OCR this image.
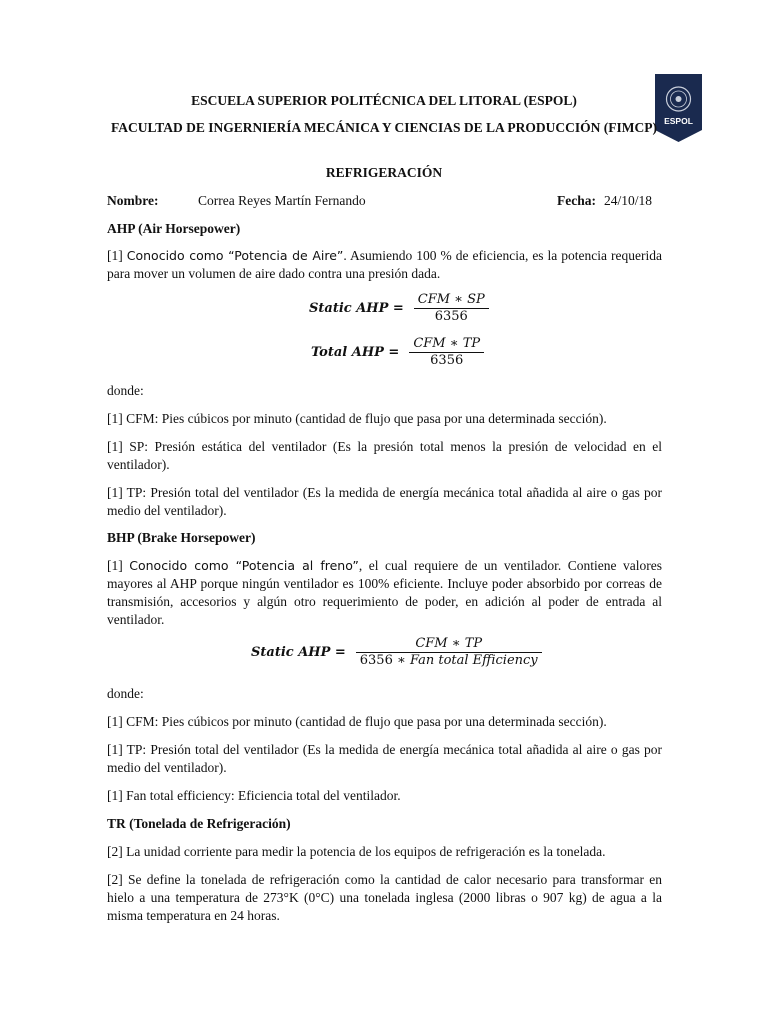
ESPOL
ESCUELA SUPERIOR POLITÉCNICA DEL LITORAL (ESPOL)
FACULTAD DE INGERNIERÍA MECÁNICA Y CIENCIAS DE LA PRODUCCIÓN (FIMCP)
REFRIGERACIÓN
Nombre:	Correa Reyes Martín Fernando	Fecha: 24/10/18
AHP (Air Horsepower)
[1] Conocido como “Potencia de Aire”. Asumiendo 100 % de eficiencia, es la potencia requerida para mover un volumen de aire dado contra una presión dada.
Static AHP = $\frac{\text{CFM ∗ SP}}{6356}$
Total AHP = $\frac{\text{CFM ∗ TP}}{6356}$
donde:
[1] CFM: Pies cúbicos por minuto (cantidad de flujo que pasa por una determinada sección).
[1] SP: Presión estática del ventilador (Es la presión total menos la presión de velocidad en el ventilador).
[1] TP: Presión total del ventilador (Es la medida de energía mecánica total añadida al aire o gas por medio del ventilador).
BHP (Brake Horsepower)
[1] Conocido como “Potencia al freno”, el cual requiere de un ventilador. Contiene valores mayores al AHP porque ningún ventilador es 100% eficiente. Incluye poder absorbido por correas de transmisión, accesorios y algún otro requerimiento de poder, en adición al poder de entrada al ventilador.
Static AHP = $\frac{\text{CFM ∗ TP}}{\text{6356 ∗ Fan total Efficiency}}$
donde:
[1] CFM: Pies cúbicos por minuto (cantidad de flujo que pasa por una determinada sección).
[1] TP: Presión total del ventilador (Es la medida de energía mecánica total añadida al aire o gas por medio del ventilador).
[1] Fan total efficiency: Eficiencia total del ventilador.
TR (Tonelada de Refrigeración)
[2] La unidad corriente para medir la potencia de los equipos de refrigeración es la tonelada.
[2] Se define la tonelada de refrigeración como la cantidad de calor necesario para transformar en hielo a una temperatura de 273°K (0°C) una tonelada inglesa (2000 libras o 907 kg) de agua a la misma temperatura en 24 horas.
